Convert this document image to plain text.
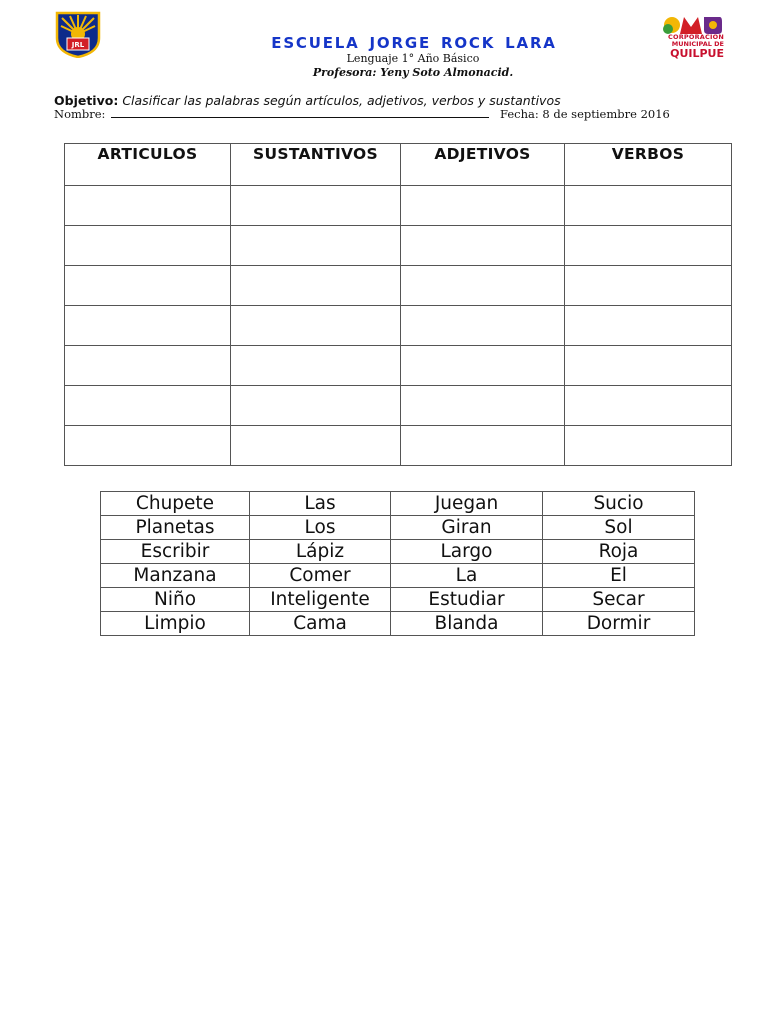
JRL
CORPORACION
MUNICIPAL DE
QUILPUE
ESCUELA JORGE ROCK LARA
Lenguaje 1° Año Básico
Profesora: Yeny Soto Almonacid.
Objetivo: Clasificar las palabras según artículos, adjetivos, verbos y sustantivos
Nombre:	Fecha: 8 de septiembre 2016
ARTICULOS	SUSTANTIVOS	ADJETIVOS	VERBOS

Chupete	Las	Juegan	Sucio
Planetas	Los	Giran	Sol
Escribir	Lápiz	Largo	Roja
Manzana	Comer	La	El
Niño	Inteligente	Estudiar	Secar
Limpio	Cama	Blanda	Dormir
